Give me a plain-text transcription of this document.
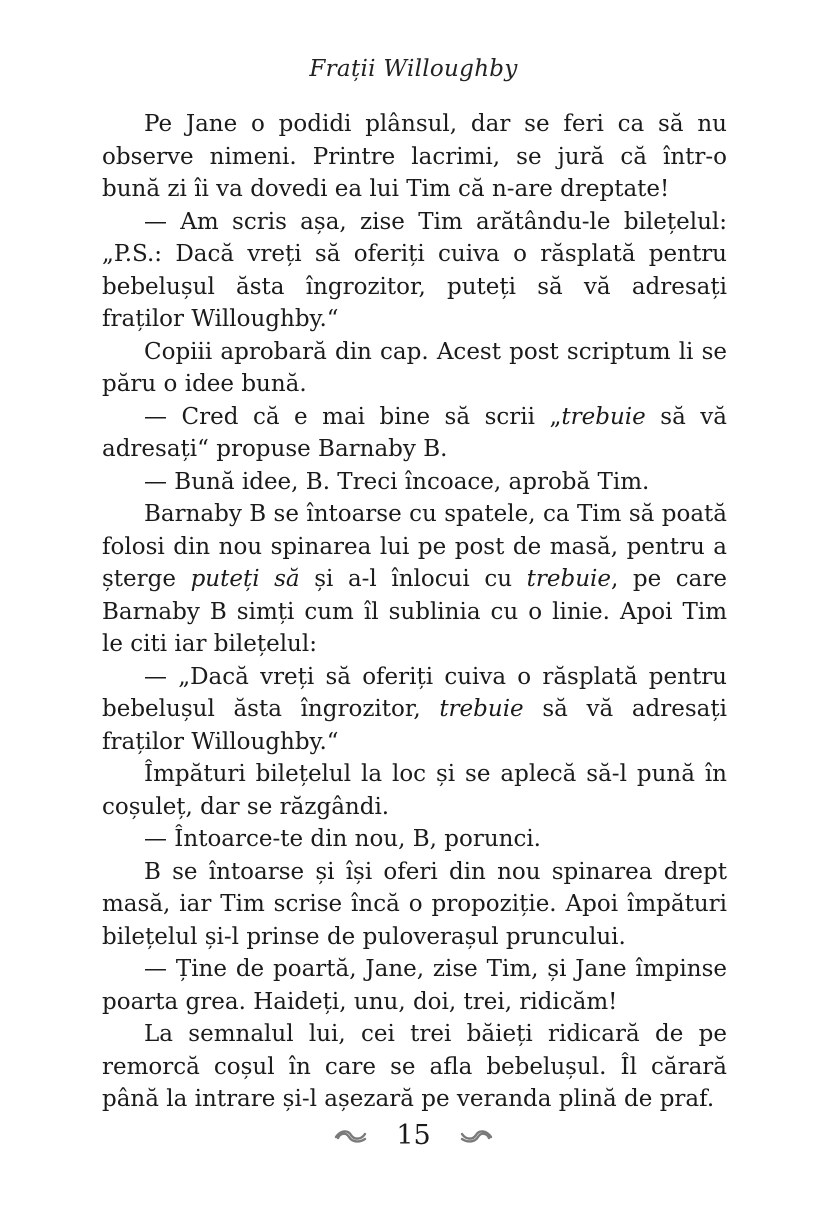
Frații Willoughby

Pe Jane o podidi plânsul, dar se feri ca să nu observe nimeni. Printre lacrimi, se jură că într-o bună zi îi va dovedi ea lui Tim că n-are dreptate!

— Am scris așa, zise Tim arătându-le bilețelul: „P.S.: Dacă vreți să oferiți cuiva o răsplată pentru bebelușul ăsta îngrozitor, puteți să vă adresați fraților Willoughby.“

Copiii aprobară din cap. Acest post scriptum li se păru o idee bună.

— Cred că e mai bine să scrii „trebuie să vă adresați“ propuse Barnaby B.

— Bună idee, B. Treci încoace, aprobă Tim.

Barnaby B se întoarse cu spatele, ca Tim să poată folosi din nou spinarea lui pe post de masă, pentru a șterge puteți să și a-l înlocui cu trebuie, pe care Barnaby B simți cum îl sublinia cu o linie. Apoi Tim le citi iar bilețelul:

— „Dacă vreți să oferiți cuiva o răsplată pentru bebelușul ăsta îngrozitor, trebuie să vă adresați fraților Willoughby.“

Împături bilețelul la loc și se aplecă să-l pună în coșuleț, dar se răzgândi.

— Întoarce-te din nou, B, porunci.

B se întoarse și își oferi din nou spinarea drept masă, iar Tim scrise încă o propoziție. Apoi împături bilețelul și-l prinse de puloverașul pruncului.

— Ține de poartă, Jane, zise Tim, și Jane împinse poarta grea. Haideți, unu, doi, trei, ridicăm!

La semnalul lui, cei trei băieți ridicară de pe remorcă coșul în care se afla bebelușul. Îl cărară până la intrare și-l așezară pe veranda plină de praf.

15
